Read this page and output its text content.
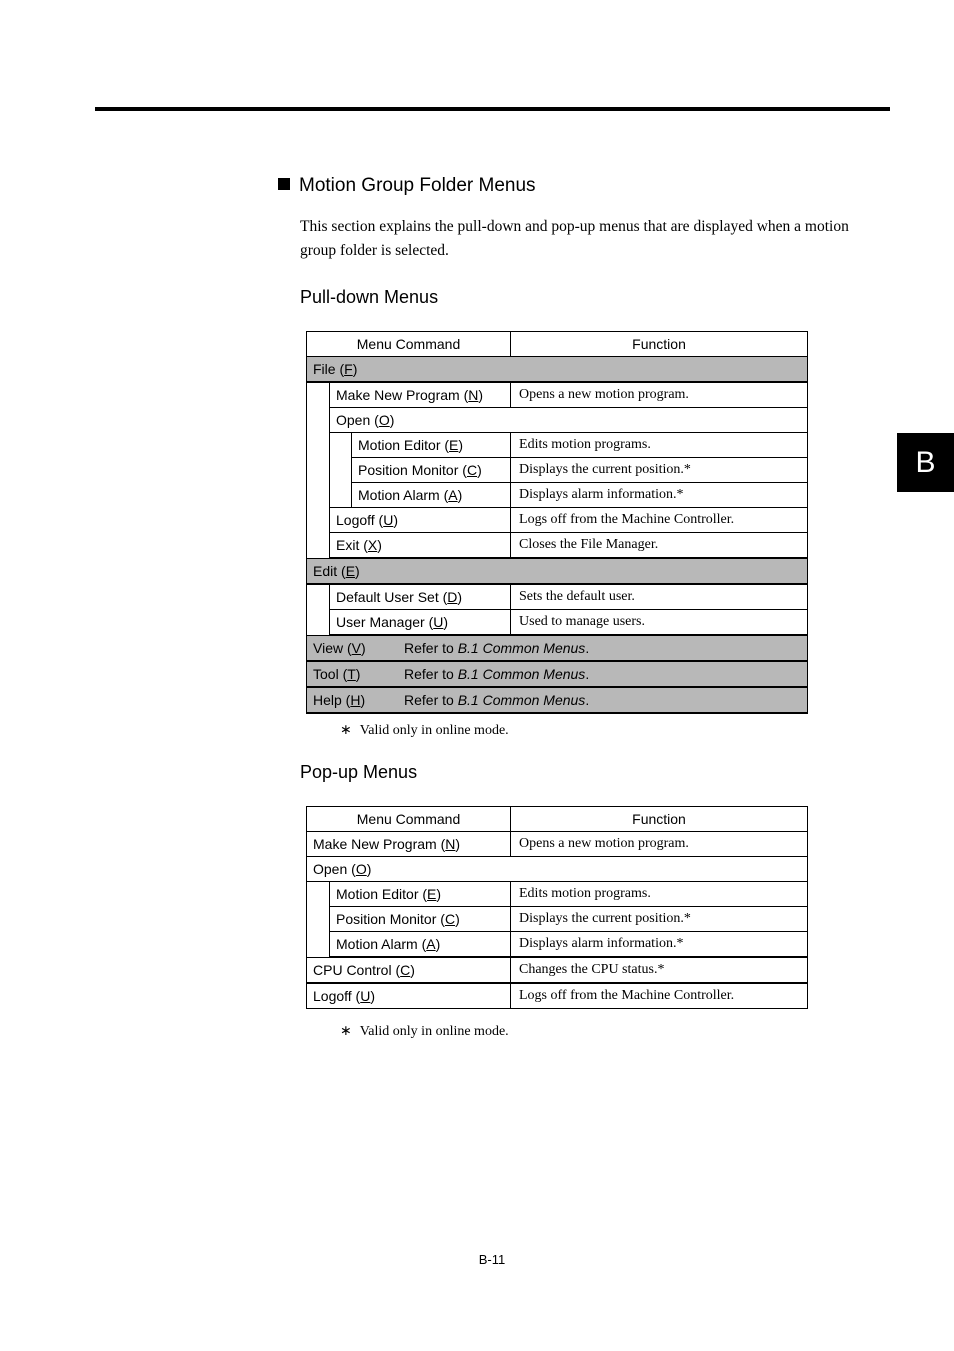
B
Motion Group Folder Menus
This section explains the pull-down and pop-up menus that are displayed when a motion group folder is selected.
Pull-down Menus
Menu Command			Function
File (F)			
	Make New Program (N)		Opens a new motion program.
	Open (O)		
		Motion Editor (E)	Edits motion programs.
		Position Monitor (C)	Displays the current position.*
		Motion Alarm (A)	Displays alarm information.*
	Logoff (U)		Logs off from the Machine Controller.
	Exit (X)		Closes the File Manager.
Edit (E)			
	Default User Set (D)		Sets the default user.
	User Manager (U)		Used to manage users.

View (V) Refer to B.1 Common Menus.			

Tool (T) Refer to B.1 Common Menus.			

Help (H) Refer to B.1 Common Menus.			
∗ Valid only in online mode.
Pop-up Menus
Menu Command		Function
Make New Program (N)		Opens a new motion program.
Open (O)		
	Motion Editor (E)	Edits motion programs.
	Position Monitor (C)	Displays the current position.*
	Motion Alarm (A)	Displays alarm information.*
CPU Control (C)		Changes the CPU status.*
Logoff (U)		Logs off from the Machine Controller.
∗ Valid only in online mode.
B-11
